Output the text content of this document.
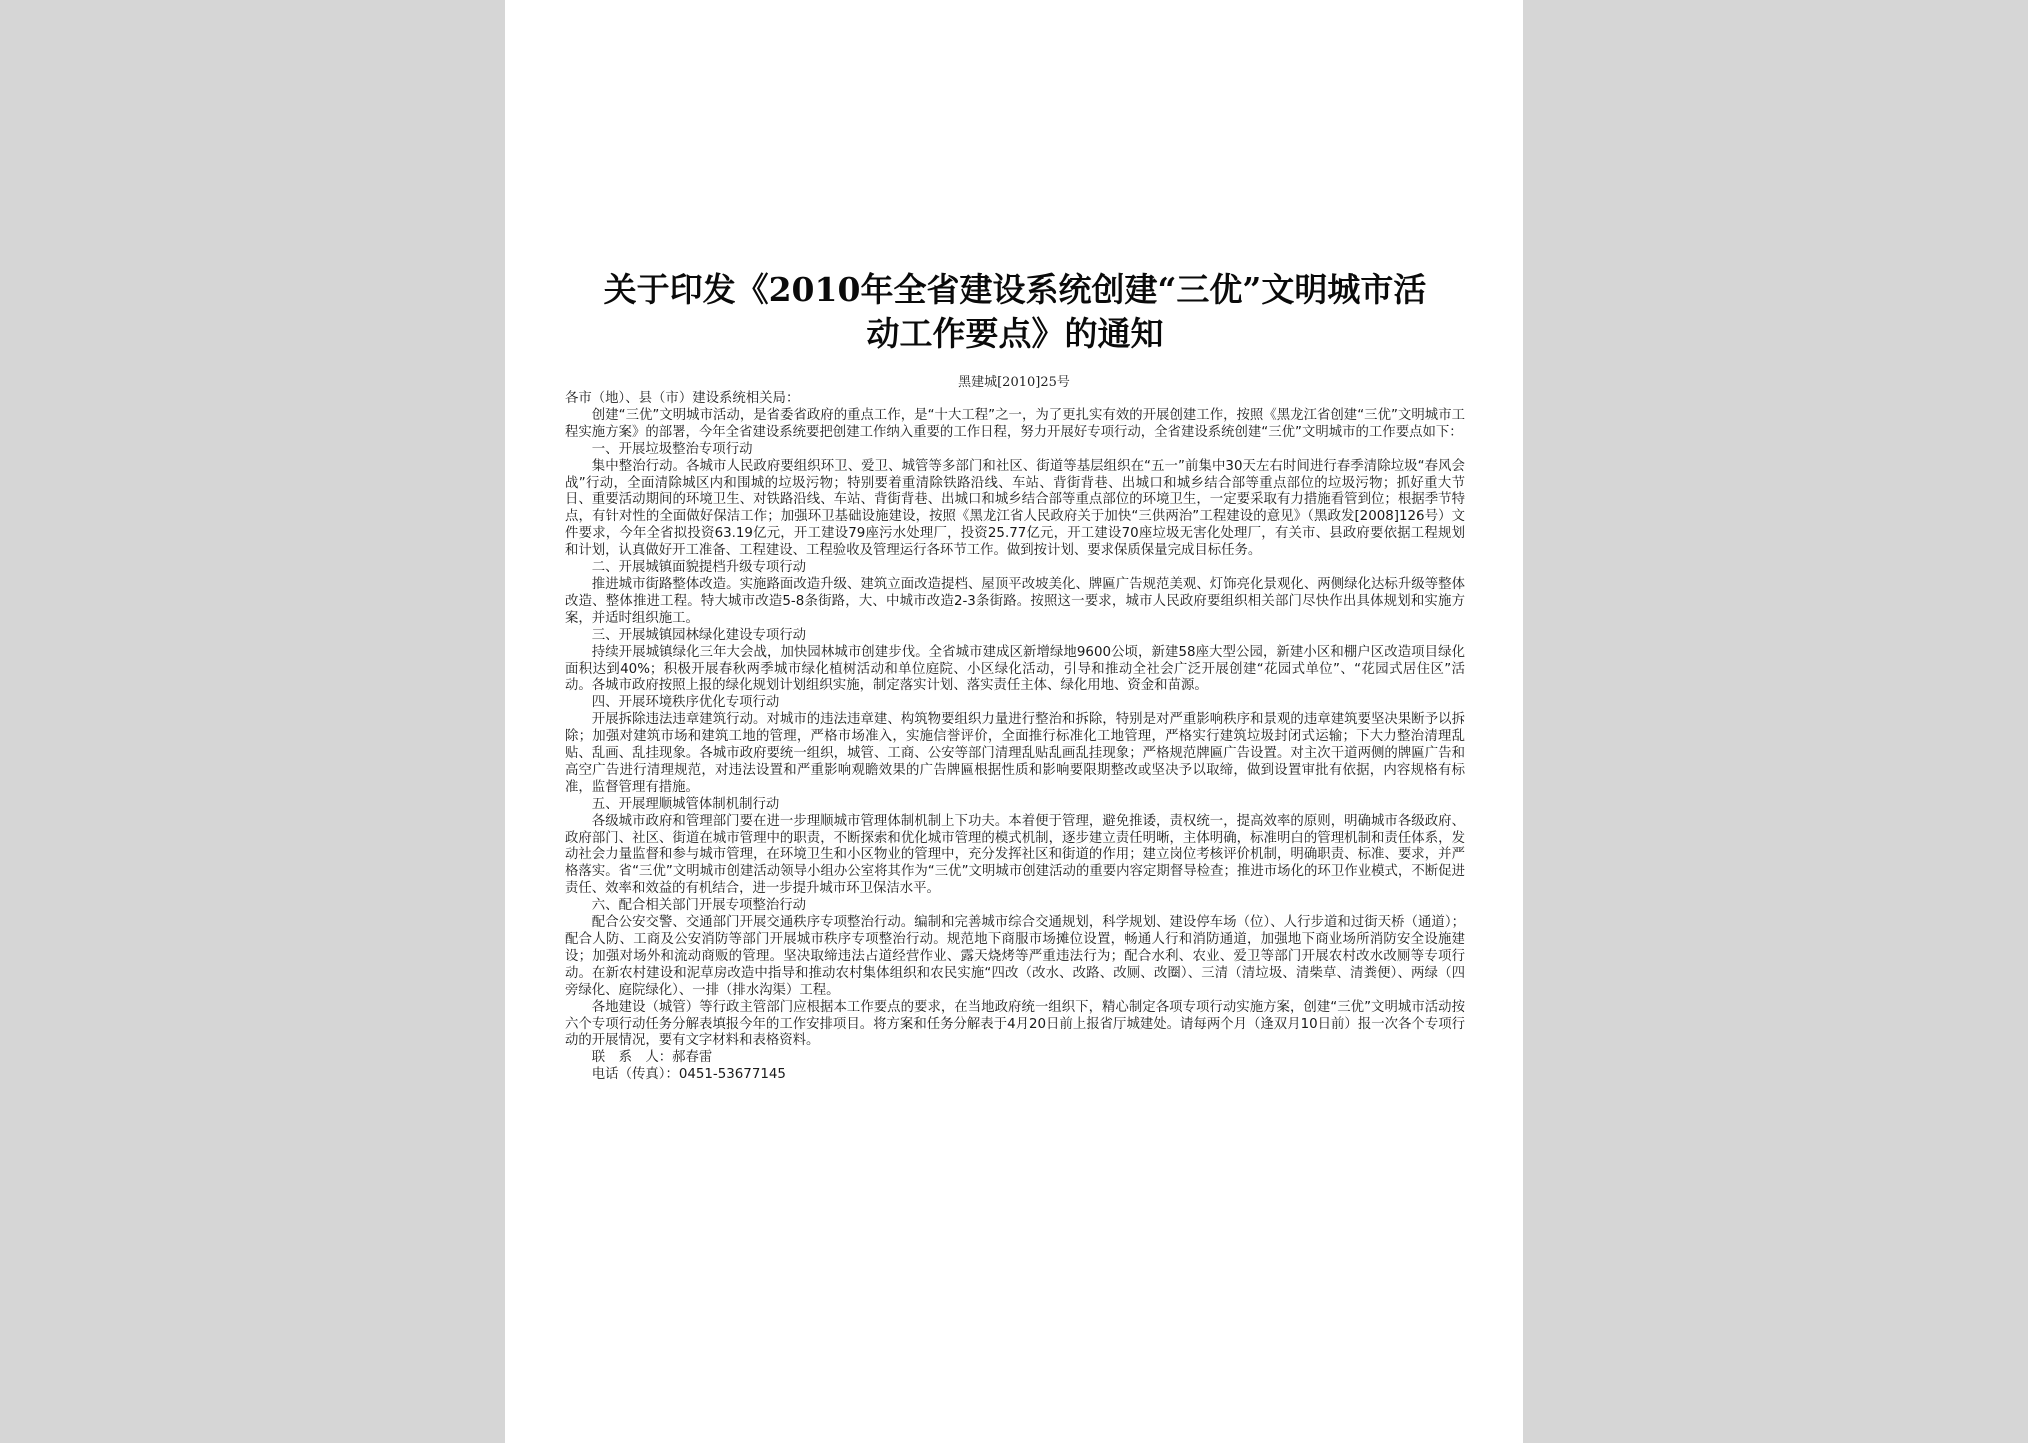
关于印发《2010年全省建设系统创建“三优”文明城市活
动工作要点》的通知
黑建城[2010]25号

各市（地）、县（市）建设系统相关局：

创建“三优”文明城市活动，是省委省政府的重点工作，是“十大工程”之一，为了更扎实有效的开展创建工作，按照《黑龙江省创建“三优”文明城市工程实施方案》的部署，今年全省建设系统要把创建工作纳入重要的工作日程，努力开展好专项行动，全省建设系统创建“三优”文明城市的工作要点如下：

一、开展垃圾整治专项行动

集中整治行动。各城市人民政府要组织环卫、爱卫、城管等多部门和社区、街道等基层组织在“五一”前集中30天左右时间进行春季清除垃圾“春风会战”行动，全面清除城区内和围城的垃圾污物；特别要着重清除铁路沿线、车站、背街背巷、出城口和城乡结合部等重点部位的垃圾污物；抓好重大节日、重要活动期间的环境卫生、对铁路沿线、车站、背街背巷、出城口和城乡结合部等重点部位的环境卫生，一定要采取有力措施看管到位；根据季节特点，有针对性的全面做好保洁工作；加强环卫基础设施建设，按照《黑龙江省人民政府关于加快“三供两治”工程建设的意见》（黑政发[2008]126号）文件要求，今年全省拟投资63.19亿元，开工建设79座污水处理厂，投资25.77亿元，开工建设70座垃圾无害化处理厂，有关市、县政府要依据工程规划和计划，认真做好开工准备、工程建设、工程验收及管理运行各环节工作。做到按计划、要求保质保量完成目标任务。

二、开展城镇面貌提档升级专项行动

推进城市街路整体改造。实施路面改造升级、建筑立面改造提档、屋顶平改坡美化、牌匾广告规范美观、灯饰亮化景观化、两侧绿化达标升级等整体改造、整体推进工程。特大城市改造5-8条街路，大、中城市改造2-3条街路。按照这一要求，城市人民政府要组织相关部门尽快作出具体规划和实施方案，并适时组织施工。

三、开展城镇园林绿化建设专项行动

持续开展城镇绿化三年大会战，加快园林城市创建步伐。全省城市建成区新增绿地9600公顷，新建58座大型公园，新建小区和棚户区改造项目绿化面积达到40%；积极开展春秋两季城市绿化植树活动和单位庭院、小区绿化活动，引导和推动全社会广泛开展创建“花园式单位”、“花园式居住区”活动。各城市政府按照上报的绿化规划计划组织实施，制定落实计划、落实责任主体、绿化用地、资金和苗源。

四、开展环境秩序优化专项行动

开展拆除违法违章建筑行动。对城市的违法违章建、构筑物要组织力量进行整治和拆除，特别是对严重影响秩序和景观的违章建筑要坚决果断予以拆除；加强对建筑市场和建筑工地的管理，严格市场准入，实施信誉评价，全面推行标准化工地管理，严格实行建筑垃圾封闭式运输；下大力整治清理乱贴、乱画、乱挂现象。各城市政府要统一组织，城管、工商、公安等部门清理乱贴乱画乱挂现象；严格规范牌匾广告设置。对主次干道两侧的牌匾广告和高空广告进行清理规范，对违法设置和严重影响观瞻效果的广告牌匾根据性质和影响要限期整改或坚决予以取缔，做到设置审批有依据，内容规格有标准，监督管理有措施。

五、开展理顺城管体制机制行动

各级城市政府和管理部门要在进一步理顺城市管理体制机制上下功夫。本着便于管理，避免推诿，责权统一，提高效率的原则，明确城市各级政府、政府部门、社区、街道在城市管理中的职责，不断探索和优化城市管理的模式机制，逐步建立责任明晰，主体明确，标准明白的管理机制和责任体系，发动社会力量监督和参与城市管理，在环境卫生和小区物业的管理中，充分发挥社区和街道的作用；建立岗位考核评价机制，明确职责、标准、要求，并严格落实。省“三优”文明城市创建活动领导小组办公室将其作为“三优”文明城市创建活动的重要内容定期督导检查；推进市场化的环卫作业模式，不断促进责任、效率和效益的有机结合，进一步提升城市环卫保洁水平。

六、配合相关部门开展专项整治行动

配合公安交警、交通部门开展交通秩序专项整治行动。编制和完善城市综合交通规划，科学规划、建设停车场（位）、人行步道和过街天桥（通道）；配合人防、工商及公安消防等部门开展城市秩序专项整治行动。规范地下商服市场摊位设置，畅通人行和消防通道，加强地下商业场所消防安全设施建设；加强对场外和流动商贩的管理。坚决取缔违法占道经营作业、露天烧烤等严重违法行为；配合水利、农业、爱卫等部门开展农村改水改厕等专项行动。在新农村建设和泥草房改造中指导和推动农村集体组织和农民实施“四改（改水、改路、改厕、改圈）、三清（清垃圾、清柴草、清粪便）、两绿（四旁绿化、庭院绿化）、一排（排水沟渠）工程。

各地建设（城管）等行政主管部门应根据本工作要点的要求，在当地政府统一组织下，精心制定各项专项行动实施方案，创建“三优”文明城市活动按六个专项行动任务分解表填报今年的工作安排项目。将方案和任务分解表于4月20日前上报省厅城建处。请每两个月（逢双月10日前）报一次各个专项行动的开展情况，要有文字材料和表格资料。

联　系　人：郝春雷

电话（传真）：0451-53677145
